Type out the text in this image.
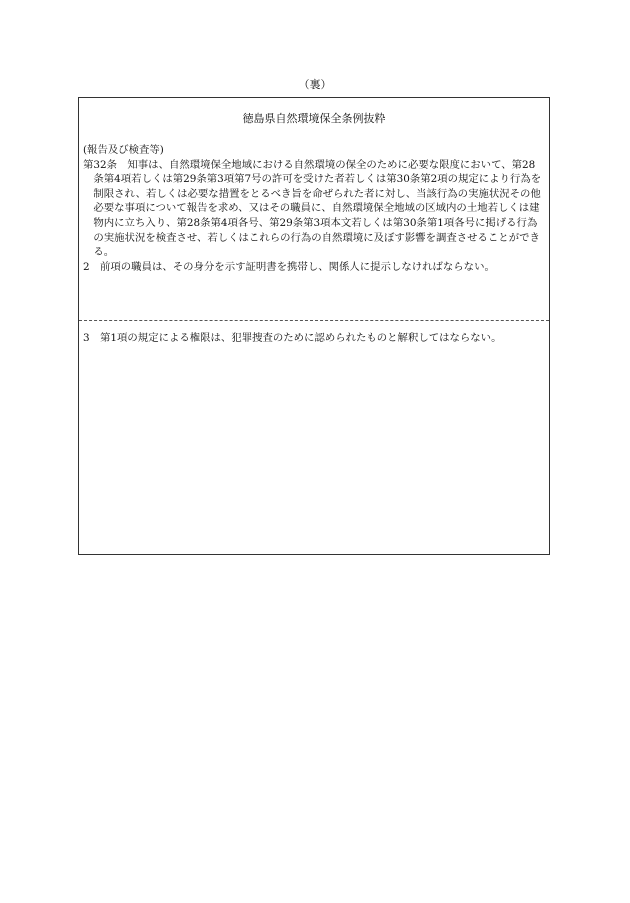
（裏）
徳島県自然環境保全条例抜粋

(報告及び検査等)

第32条　知事は、自然環境保全地域における自然環境の保全のために必要な限度において、第28条第4項若しくは第29条第3項第7号の許可を受けた者若しくは第30条第2項の規定により行為を制限され、若しくは必要な措置をとるべき旨を命ぜられた者に対し、当該行為の実施状況その他必要な事項について報告を求め、又はその職員に、自然環境保全地域の区域内の土地若しくは建物内に立ち入り、第28条第4項各号、第29条第3項本文若しくは第30条第1項各号に掲げる行為の実施状況を検査させ、若しくはこれらの行為の自然環境に及ぼす影響を調査させることができる。

2　前項の職員は、その身分を示す証明書を携帯し、関係人に提示しなければならない。

3　第1項の規定による権限は、犯罪捜査のために認められたものと解釈してはならない。
